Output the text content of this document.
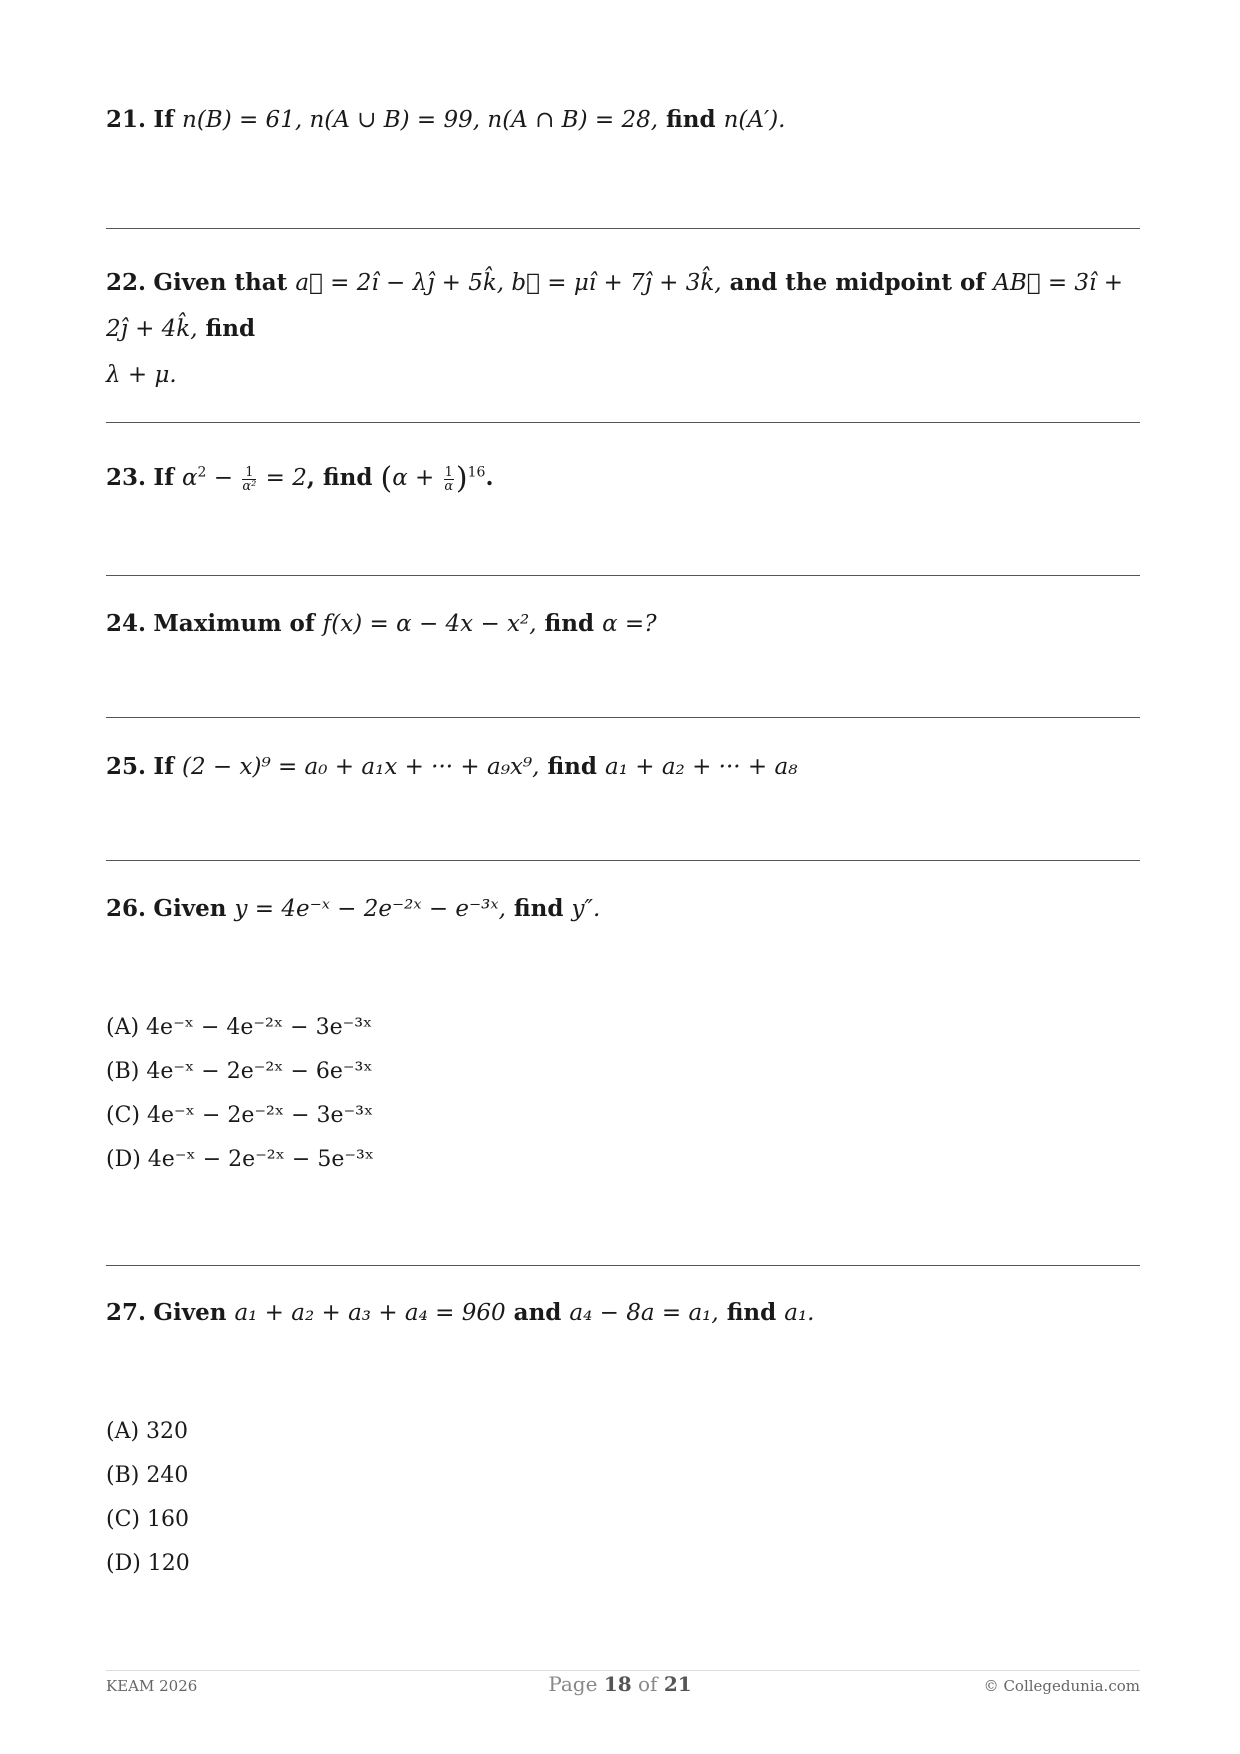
21. If n(B) = 61, n(A ∪ B) = 99, n(A ∩ B) = 28, find n(A′).
22. Given that a⃗ = 2î − λĵ + 5k̂, b⃗ = μî + 7ĵ + 3k̂, and the midpoint of AB⃗ = 3î + 2ĵ + 4k̂, find
λ + μ.
23. If $\alpha^2 - \frac{1}{\text{α²}} = 2$, find $(\alpha + \frac{1}{\alpha} )^{16}$.
24. Maximum of f(x) = α − 4x − x², find α =?
25. If (2 − x)⁹ = a₀ + a₁x + ··· + a₉x⁹, find a₁ + a₂ + ··· + a₈
26. Given y = 4e⁻ˣ − 2e⁻²ˣ − e⁻³ˣ, find y″.
(A) 4e⁻ˣ − 4e⁻²ˣ − 3e⁻³ˣ
(B) 4e⁻ˣ − 2e⁻²ˣ − 6e⁻³ˣ
(C) 4e⁻ˣ − 2e⁻²ˣ − 3e⁻³ˣ
(D) 4e⁻ˣ − 2e⁻²ˣ − 5e⁻³ˣ
27. Given a₁ + a₂ + a₃ + a₄ = 960 and a₄ − 8a = a₁, find a₁.
(A) 320
(B) 240
(C) 160
(D) 120
KEAM 2026	Page 18 of 21	© Collegedunia.com
